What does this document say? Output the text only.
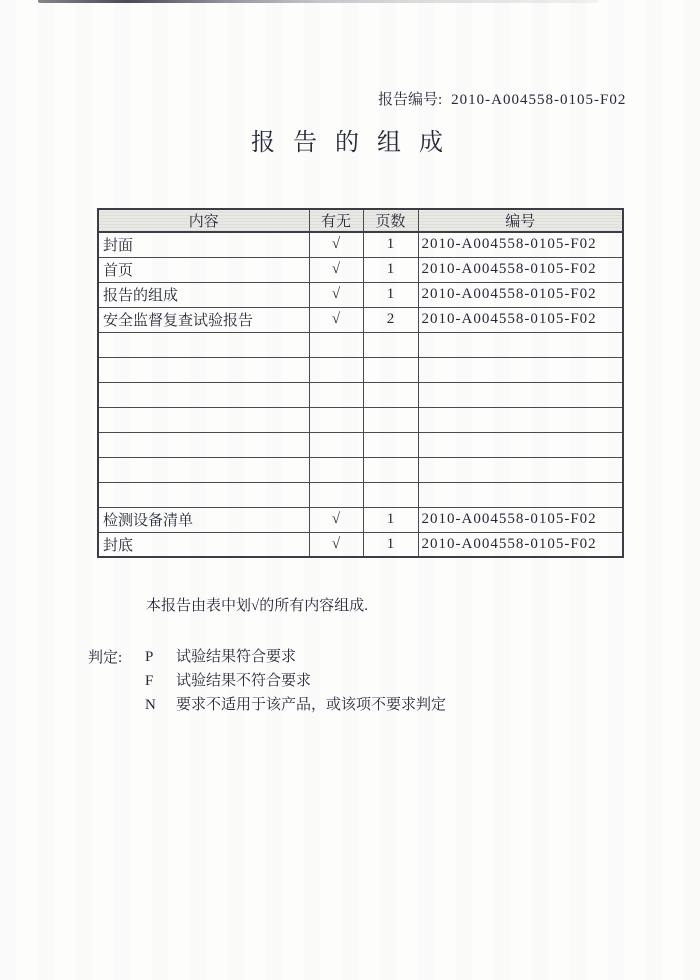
报告编号: 2010-A004558-0105-F02
报 告 的 组 成
内容	有无	页数	编号
封面	√	1	2010-A004558-0105-F02
首页	√	1	2010-A004558-0105-F02
报告的组成	√	1	2010-A004558-0105-F02
安全监督复查试验报告	√	2	2010-A004558-0105-F02

检测设备清单	√	1	2010-A004558-0105-F02
封底	√	1	2010-A004558-0105-F02

本报告由表中划√的所有内容组成.

判定: P 试验结果符合要求
F 试验结果不符合要求
N 要求不适用于该产品，或该项不要求判定
